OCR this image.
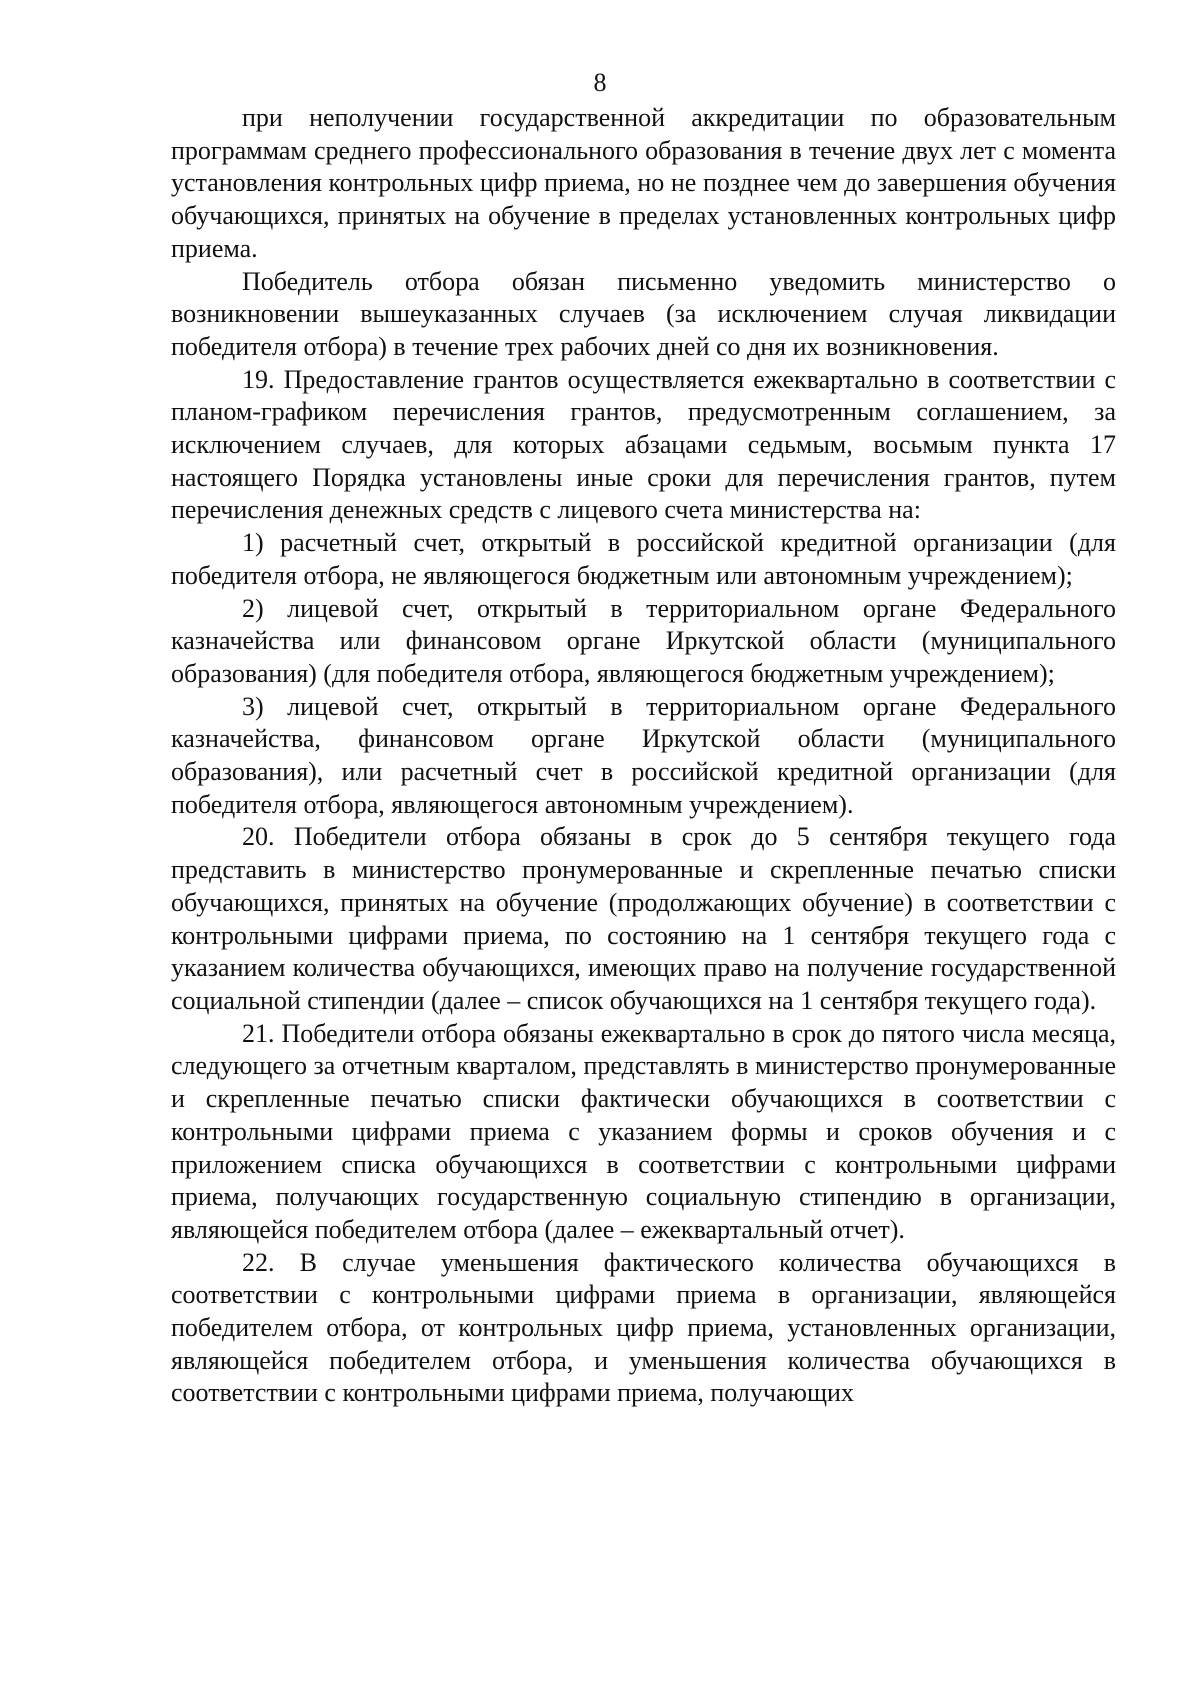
8

при неполучении государственной аккредитации по образовательным программам среднего профессионального образования в течение двух лет с момента установления контрольных цифр приема, но не позднее чем до завершения обучения обучающихся, принятых на обучение в пределах установленных контрольных цифр приема.

Победитель отбора обязан письменно уведомить министерство о возникновении вышеуказанных случаев (за исключением случая ликвидации победителя отбора) в течение трех рабочих дней со дня их возникновения.

19. Предоставление грантов осуществляется ежеквартально в соответствии с планом-графиком перечисления грантов, предусмотренным соглашением, за исключением случаев, для которых абзацами седьмым, восьмым пункта 17 настоящего Порядка установлены иные сроки для перечисления грантов, путем перечисления денежных средств с лицевого счета министерства на:

1) расчетный счет, открытый в российской кредитной организации (для победителя отбора, не являющегося бюджетным или автономным учреждением);

2) лицевой счет, открытый в территориальном органе Федерального казначейства или финансовом органе Иркутской области (муниципального образования) (для победителя отбора, являющегося бюджетным учреждением);

3) лицевой счет, открытый в территориальном органе Федерального казначейства, финансовом органе Иркутской области (муниципального образования), или расчетный счет в российской кредитной организации (для победителя отбора, являющегося автономным учреждением).

20. Победители отбора обязаны в срок до 5 сентября текущего года представить в министерство пронумерованные и скрепленные печатью списки обучающихся, принятых на обучение (продолжающих обучение) в соответствии с контрольными цифрами приема, по состоянию на 1 сентября текущего года с указанием количества обучающихся, имеющих право на получение государственной социальной стипендии (далее – список обучающихся на 1 сентября текущего года).

21. Победители отбора обязаны ежеквартально в срок до пятого числа месяца, следующего за отчетным кварталом, представлять в министерство пронумерованные и скрепленные печатью списки фактически обучающихся в соответствии с контрольными цифрами приема с указанием формы и сроков обучения и с приложением списка обучающихся в соответствии с контрольными цифрами приема, получающих государственную социальную стипендию в организации, являющейся победителем отбора (далее – ежеквартальный отчет).

22. В случае уменьшения фактического количества обучающихся в соответствии с контрольными цифрами приема в организации, являющейся победителем отбора, от контрольных цифр приема, установленных организации, являющейся победителем отбора, и уменьшения количества обучающихся в соответствии с контрольными цифрами приема, получающих
